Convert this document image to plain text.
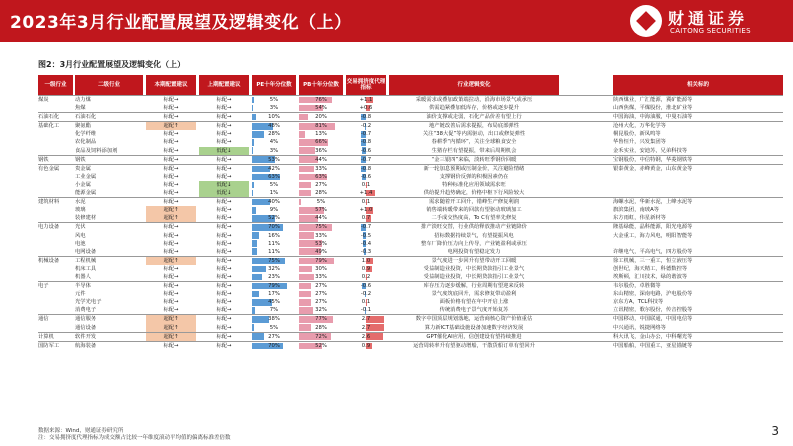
2023年3月行业配置展望及逻辑变化（上）	财通证券
CAITONG SECURITIES
图2：3月行业配置展望及逻辑变化（上）
一级行业	二级行业	本期配置建议	上期配置建议	PE十年分位数	PB十年分位数	交易拥挤度代理指标	行业逻辑变化	相关标的
煤炭	动力煤	标配→	标配→	5%	76%	+1.1	采暖需求或叠加政策端拉动，沿海市场景气或承压	陕西煤业，广汇能源，冀矿能源等
焦煤	标配→	标配→	3%	54%	+0.6	供需趋紧叠加低库存，价格或逐步提升	山西焦煤，平煤股份，淮北矿业等
石油石化	石油石化	标配→	标配→	10%	20%	-0.8	油价支撑或走弱，石化产品价差有望上行	中国海油，中海油服，中曼石油等
基础化工	聚氨酯	超配↑	标配→	48%	81%	-0.2	地产链改善后需求提振，布局底部弹性	沧州大化，万华化学等
化学纤维	标配→	标配→	28%	13%	-0.7	关注“38大促”等内需驱动，出口或修复弹性	桐昆股份，新凤鸣等
农化制品	标配→	标配→	4%	66%	-0.8	春耕季“内循环”，关注全球粮食安全	华鲁恒升，兴发集团等
食品及饲料添加剂	标配→	低配↓	3%	36%	-0.6	生猪存栏有望提振，带来后周期机会	金禾实业，安迪苏，兄弟科技等
钢铁	钢铁	标配→	标配→	53%	44%	-0.7	“金三银四”来临，淡转旺季钢价回暖	宝钢股份，中信特钢，华菱钢铁等
有色金属	贵金属	标配→	标配→	42%	33%	-0.8	新一轮加息预期或压制金价，关注避险情绪	银泰黄金，赤峰黄金，山东黄金等
工业金属	标配→	标配→	63%	63%	-0.6	支撑钢价反弹的积极因素仍在
小金属	标配→	低配↓	5%	27%	0.1	特种标准化应用领域需求旺
能源金属	标配→	低配↓	1%	28%	+1.4	供给提升趋势确定，价格中枢下行风险较大
建筑材料	水泥	标配→	标配→	40%	5%	0.1	需求随着开工回升，错峰生产修复利润	海螺水泥，华新水泥，上峰水泥等
玻璃	超配↑	标配→	9%	57%	+1.0	销售端转暖带来的回款有望驱动玻璃加工	旗滨集团，南玻A等
装修建材	超配↑	标配→	52%	44%	0.7	二手成交热度高，To C有望率先修复	东方雨虹，伟星新材等
电力设备	光伏	标配→	标配→	70%	75%	-0.7	排产淡旺交替，行业供给释放推动产业链降价	隆基绿能，晶科能源，阳光电源等
风电	标配→	标配→	16%	33%	-0.5	招标数据持续景气，有望提振风电	大金重工，海力风电，明阳智能等
电池	标配→	标配→	11%	53%	-0.4	整车厂降价压力向上传导，产业链盈利或承压
电网设备	标配→	标配→	11%	49%	-0.3	电网投资有望稳定发力	许继电气，平高电气，四方股份等
机械设备	工程机械	超配↑	标配→	75%	79%	1.0	景气度进一步回升有望带动开工回暖	徐工机械，三一重工，恒立液压等
机床工具	标配→	标配→	32%	30%	0.9	受益制造业投资，中长期贷款指引工业景气	创世纪，海天精工，科德数控等
机器人	标配→	标配→	23%	33%	0.2	受益制造业投资，中长期贷款指引工业景气	埃斯顿，汇川技术，绿的谐波等
电子	半导体	标配→	标配→	79%	27%	-0.6	库存压力逐步缓解，行业周期有望迎来反转	韦尔股份，卓胜微等
元件	标配→	标配→	17%	27%	-0.2	景气度筑底回升，需求修复带动盈利	东山精密，深南电路，沪电股份等
光学光电子	标配→	标配→	45%	27%	0.1	面板价格有望在年中开启上涨	京东方A，TCL科技等
消费电子	标配→	标配→	7%	32%	-0.1	传统消费电子景气度开始复苏	立讯精密，歌尔股份，传音控股等
通信	通信服务	超配↑	标配→	38%	77%	2.7	数字中国顶层规划落地，运营商核心资产价值重估	中国移动，中国联通，中国电信等
通信设备	超配↑	标配→	5%	28%	2.7	算力新ICT基础设施设备加速数字经济发展	中兴通讯，锐捷网络等
计算机	软件开发	超配↑	标配→	27%	72%	2.6	GPT催化AI应用，信创建设有望持续推进	科大讯飞，金山办公，中科曙光等
国防军工	航海装备	标配→	标配→	70%	52%	0.9	运营周转率升有望驱动增船，干散货船订单有望回升	中国船舶，中国重工，亚星锚链等
数据来源：Wind，财通证券研究所
注：交易拥挤度代理指标为成交额占比较一年维度滚动平均值的偏离标准差倍数	3
